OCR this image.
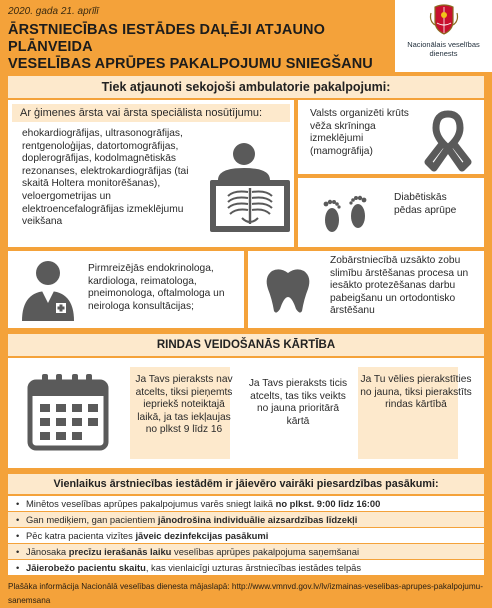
2020. gada 21. aprīlī
ĀRSTNIECĪBAS IESTĀDES DAĻĒJI ATJAUNO PLĀNVEIDA
VESELĪBAS APRŪPES PAKALPOJUMU SNIEGŠANU
Nacionālais veselības
dienests
Tiek atjaunoti sekojoši ambulatorie pakalpojumi:
Ar ģimenes ārsta vai ārsta speciālista nosūtījumu:
ehokardiogrāfijas, ultrasonogrāfijas, rentgenoloģijas, datortomogrāfijas, doplerogrāfijas, kodolmagnētiskās rezonanses, elektrokardiogrāfijas (tai skaitā Holtera monitorēšanas), veloergometrijas un elektroencefalogrāfijas izmeklējumu veikšana
Valsts organizēti krūts vēža skrīninga izmeklējumi (mamogrāfija)
Diabētiskās pēdas aprūpe
Pirmreizējās endokrinologa, kardiologa, reimatologa, pneimonologa, oftalmologa un neirologa konsultācijas;
Zobārstniecībā uzsākto zobu slimību ārstēšanas procesa un iesākto protezēšanas darbu pabeigšanu un ortodontisko ārstēšanu
RINDAS VEIDOŠANĀS KĀRTĪBA
Ja Tavs pieraksts nav atcelts, tiksi pieņemts iepriekš noteiktajā laikā, ja tas iekļaujas no plkst 9 līdz 16
Ja Tavs pieraksts ticis atcelts, tas tiks veikts no jauna prioritārā kārtā
Ja Tu vēlies pierakstīties no jauna, tiksi pierakstīts rindas kārtībā
Vienlaikus ārstniecības iestādēm ir jāievēro vairāki piesardzības pasākumi:
• Minētos veselības aprūpes pakalpojumus varēs sniegt laikā no plkst. 9:00 līdz 16:00
• Gan mediķiem, gan pacientiem jānodrošina individuālie aizsardzības līdzekļi
• Pēc katra pacienta vizītes jāveic dezinfekcijas pasākumi
• Jānosaka precīzu ierašanās laiku veselības aprūpes pakalpojuma saņemšanai
• Jāierobežo pacientu skaitu, kas vienlaicīgi uzturas ārstniecības iestādes telpās
Plašāka informācija Nacionālā veselības dienesta mājaslapā: http://www.vmnvd.gov.lv/lv/izmainas-veselibas-aprupes-pakalpojumu-sanemsana
